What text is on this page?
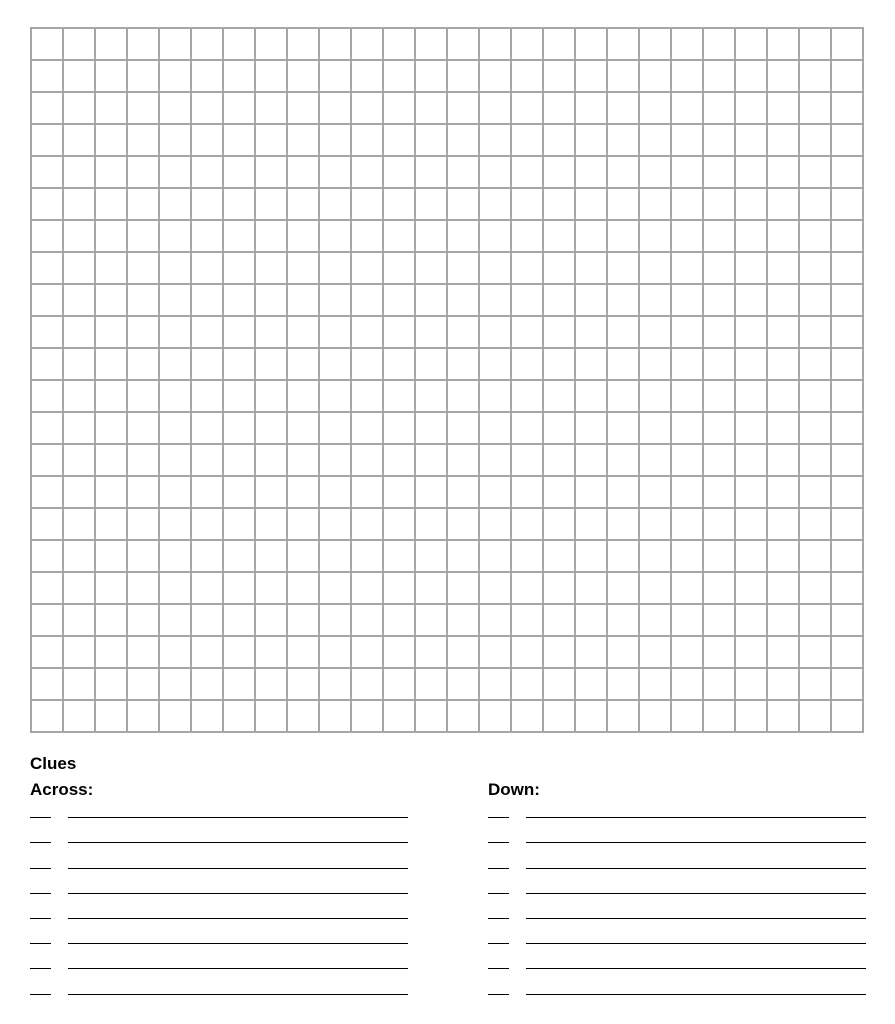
Clues
Across:	Down:
